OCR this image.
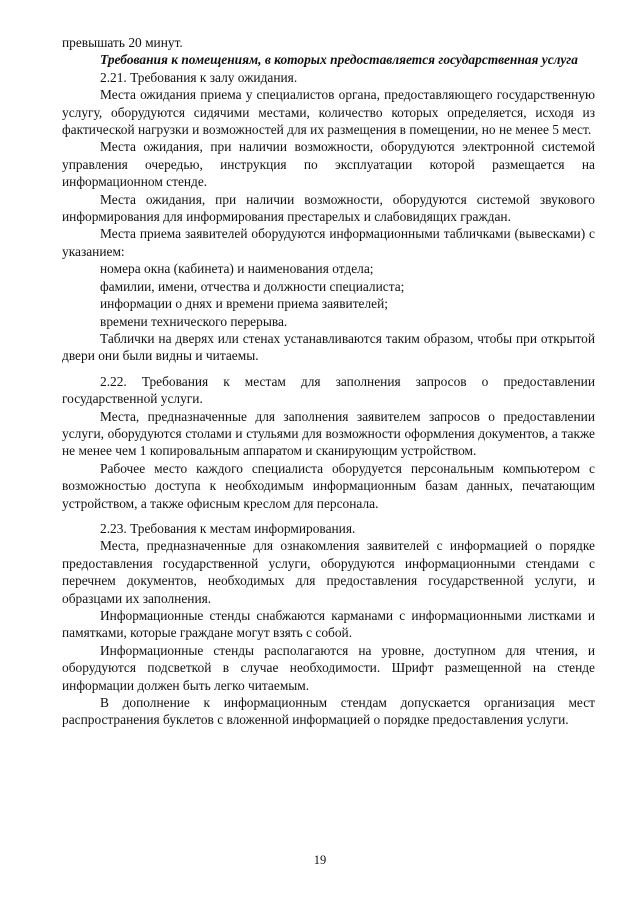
превышать 20 минут.

Требования к помещениям, в которых предоставляется государственная услуга

2.21. Требования к залу ожидания.

Места ожидания приема у специалистов органа, предоставляющего государственную услугу, оборудуются сидячими местами, количество которых определяется, исходя из фактической нагрузки и возможностей для их размещения в помещении, но не менее 5 мест.

Места ожидания, при наличии возможности, оборудуются электронной системой управления очередью, инструкция по эксплуатации которой размещается на информационном стенде.

Места ожидания, при наличии возможности, оборудуются системой звукового информирования для информирования престарелых и слабовидящих граждан.

Места приема заявителей оборудуются информационными табличками (вывесками) с указанием:

номера окна (кабинета) и наименования отдела;

фамилии, имени, отчества и должности специалиста;

информации о днях и времени приема заявителей;

времени технического перерыва.

Таблички на дверях или стенах устанавливаются таким образом, чтобы при открытой двери они были видны и читаемы.

2.22. Требования к местам для заполнения запросов о предоставлении государственной услуги.

Места, предназначенные для заполнения заявителем запросов о предоставлении услуги, оборудуются столами и стульями для возможности оформления документов, а также не менее чем 1 копировальным аппаратом и сканирующим устройством.

Рабочее место каждого специалиста оборудуется персональным компьютером с возможностью доступа к необходимым информационным базам данных, печатающим устройством, а также офисным креслом для персонала.

2.23. Требования к местам информирования.

Места, предназначенные для ознакомления заявителей с информацией о порядке предоставления государственной услуги, оборудуются информационными стендами с перечнем документов, необходимых для предоставления государственной услуги, и образцами их заполнения.

Информационные стенды снабжаются карманами с информационными листками и памятками, которые граждане могут взять с собой.

Информационные стенды располагаются на уровне, доступном для чтения, и оборудуются подсветкой в случае необходимости. Шрифт размещенной на стенде информации должен быть легко читаемым.

В дополнение к информационным стендам допускается организация мест распространения буклетов с вложенной информацией о порядке предоставления услуги.

19
